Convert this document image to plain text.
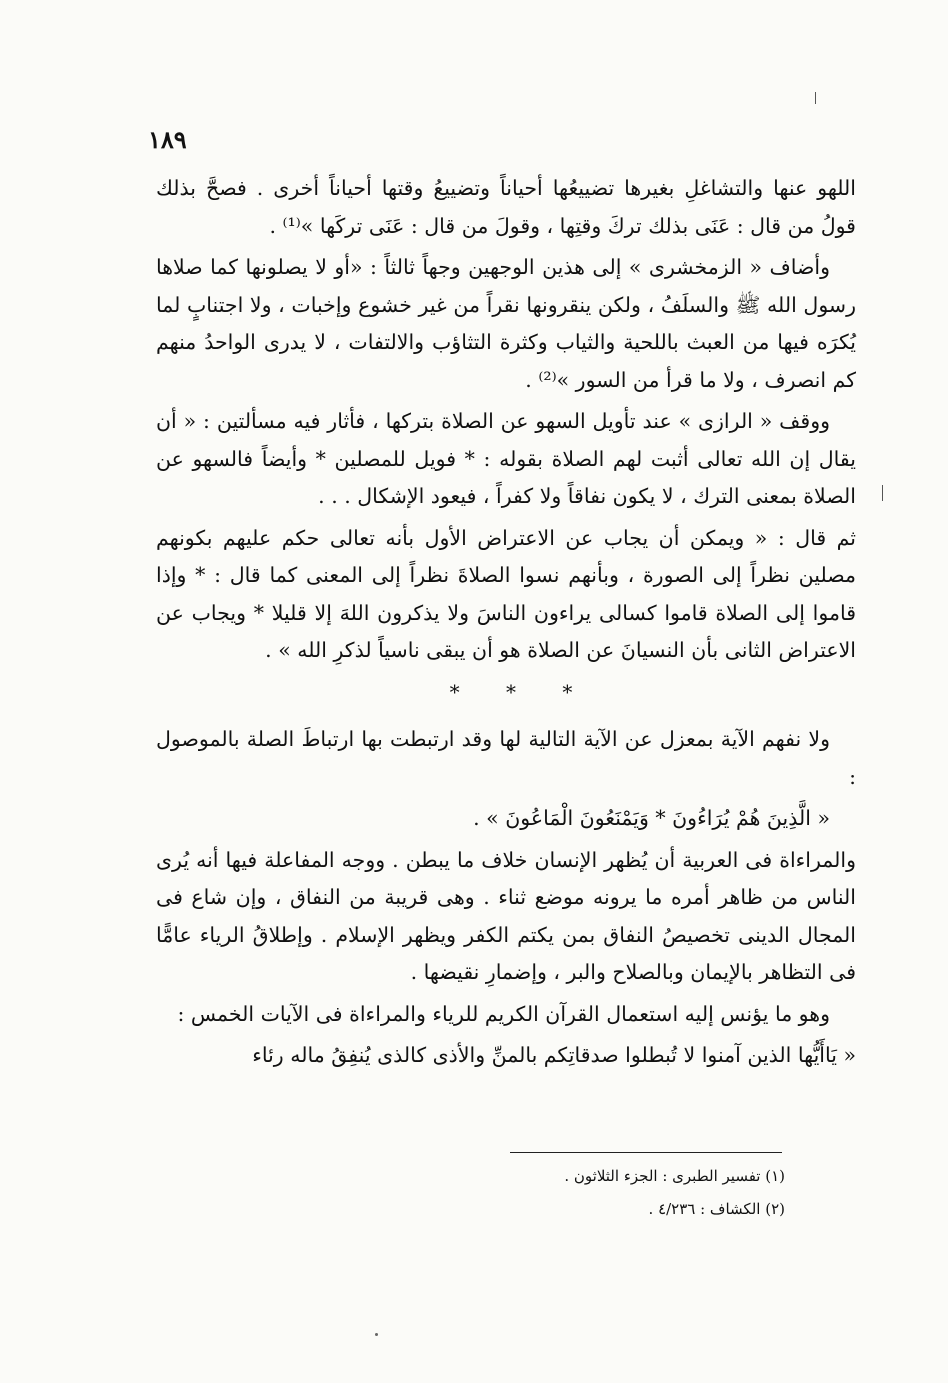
١٨٩

اللهو عنها والتشاغلِ بغيرها تضييعُها أحياناً وتضييعُ وقتها أحياناً أخرى . فصحَّ بذلك قولُ من قال : عَنَى بذلك تركَ وقتِها ، وقولَ من قال : عَنَى تركَها »⁽¹⁾ .

وأضاف « الزمخشرى » إلى هذين الوجهين وجهاً ثالثاً : «أو لا يصلونها كما صلاها رسول الله ﷺ والسلَفُ ، ولكن ينقرونها نقراً من غير خشوع وإخبات ، ولا اجتنابٍ لما يُكرَه فيها من العبث باللحية والثياب وكثرة التثاؤب والالتفات ، لا يدرى الواحدُ منهم كم انصرف ، ولا ما قرأ من السور »⁽²⁾ .

ووقف « الرازى » عند تأويل السهو عن الصلاة بتركها ، فأثار فيه مسألتين : « أن يقال إن الله تعالى أثبت لهم الصلاة بقوله : * فويل للمصلين * وأيضاً فالسهو عن الصلاة بمعنى الترك ، لا يكون نفاقاً ولا كفراً ، فيعود الإشكال . . .

ثم قال : « ويمكن أن يجاب عن الاعتراض الأول بأنه تعالى حكم عليهم بكونهم مصلين نظراً إلى الصورة ، وبأنهم نسوا الصلاةَ نظراً إلى المعنى كما قال : * وإذا قاموا إلى الصلاة قاموا كسالى يراءون الناسَ ولا يذكرون اللهَ إلا قليلا * ويجاب عن الاعتراض الثانى بأن النسيانَ عن الصلاة هو أن يبقى ناسياً لذكرِ الله » .

* * *

ولا نفهم الآية بمعزل عن الآية التالية لها وقد ارتبطت بها ارتباطَ الصلة بالموصول :

« الَّذِينَ هُمْ يُرَاءُونَ * وَيَمْنَعُونَ الْمَاعُونَ » .

والمراءاة فى العربية أن يُظهر الإنسان خلاف ما يبطن . ووجه المفاعلة فيها أنه يُرى الناس من ظاهر أمره ما يرونه موضع ثناء . وهى قريبة من النفاق ، وإن شاع فى المجال الدينى تخصيصُ النفاق بمن يكتم الكفر ويظهر الإسلام . وإطلاقُ الرياء عامًّا فى التظاهر بالإيمان وبالصلاح والبر ، وإضمارِ نقيضها .

وهو ما يؤنس إليه استعمال القرآن الكريم للرياء والمراءاة فى الآيات الخمس :

« يَاأَيُّها الذين آمنوا لا تُبطلوا صدقاتِكم بالمنِّ والأذى كالذى يُنفِقُ ماله رئاء

(١) تفسير الطبرى : الجزء الثلاثون .

(٢) الكشاف : ٤/٢٣٦ .
